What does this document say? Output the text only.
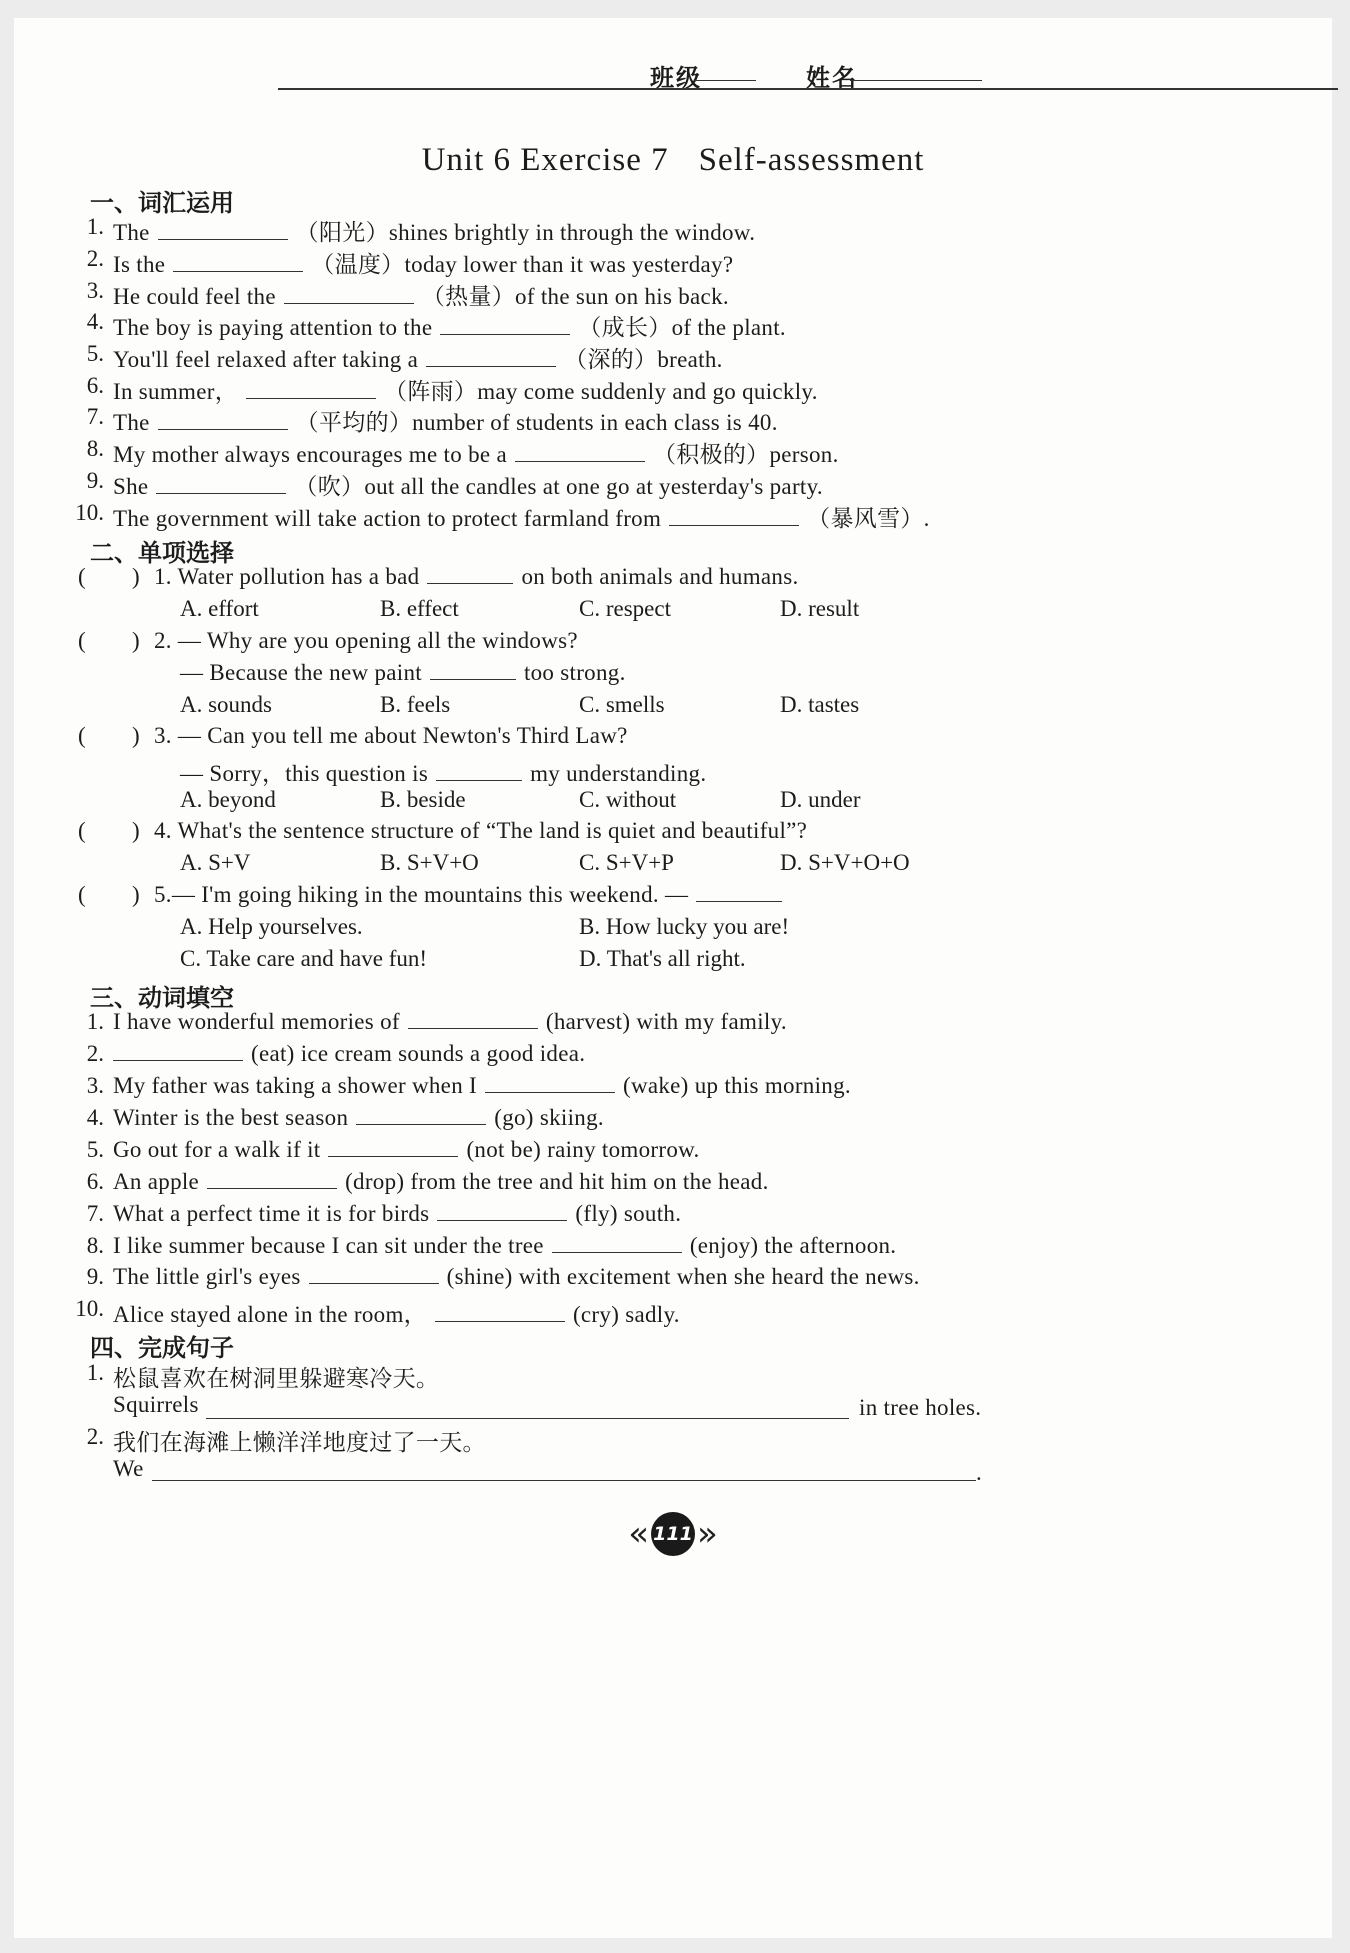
班级	姓名
Unit 6 Exercise 7 Self-assessment
一、词汇运用
1. The	（阳光）shines brightly in through the window.
2. Is the	（温度）today lower than it was yesterday?
3. He could feel the	（热量）of the sun on his back.
4. The boy is paying attention to the	（成长）of the plant.
5. You'll feel relaxed after taking a	（深的）breath.
6. In summer，	（阵雨）may come suddenly and go quickly.
7. The	（平均的）number of students in each class is 40.
8. My mother always encourages me to be a	（积极的）person.
9. She	（吹）out all the candles at one go at yesterday's party.
10. The government will take action to protect farmland from	（暴风雪）.
二、单项选择
( ) 1. Water pollution has a bad	on both animals and humans.
A. effort	B. effect	C. respect	D. result
( ) 2. — Why are you opening all the windows?
— Because the new paint	too strong.
A. sounds	B. feels	C. smells	D. tastes
( ) 3. — Can you tell me about Newton's Third Law?
— Sorry，this question is	my understanding.
A. beyond	B. beside	C. without	D. under
( ) 4. What's the sentence structure of “The land is quiet and beautiful”?
A. S+V	B. S+V+O	C. S+V+P	D. S+V+O+O
( ) 5.— I'm going hiking in the mountains this weekend. —
A. Help yourselves.	B. How lucky you are!
C. Take care and have fun!	D. That's all right.
三、动词填空
1. I have wonderful memories of	(harvest) with my family.
2.	(eat) ice cream sounds a good idea.
3. My father was taking a shower when I	(wake) up this morning.
4. Winter is the best season	(go) skiing.
5. Go out for a walk if it	(not be) rainy tomorrow.
6. An apple	(drop) from the tree and hit him on the head.
7. What a perfect time it is for birds	(fly) south.
8. I like summer because I can sit under the tree	(enjoy) the afternoon.
9. The little girl's eyes	(shine) with excitement when she heard the news.
10. Alice stayed alone in the room，	(cry) sadly.
四、完成句子
1. 松鼠喜欢在树洞里躲避寒冷天。
Squirrels	in tree holes.
2. 我们在海滩上懒洋洋地度过了一天。
We	.
« 111 »
